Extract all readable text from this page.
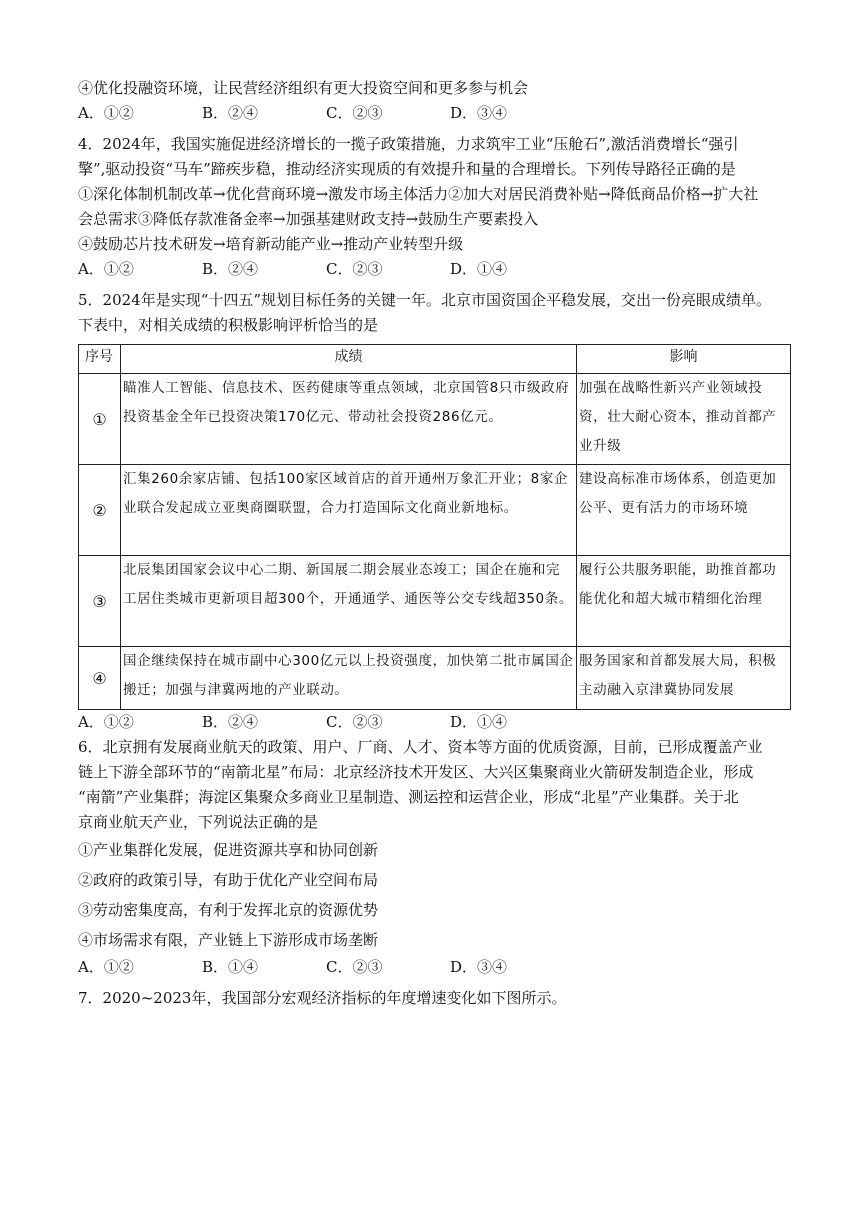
④优化投融资环境，让民营经济组织有更大投资空间和更多参与机会
A．①②	B．②④	C．②③	D．③④
4．2024年，我国实施促进经济增长的一揽子政策措施，力求筑牢工业“压舱石”,激活消费增长“强引
擎”,驱动投资“马车”蹄疾步稳，推动经济实现质的有效提升和量的合理增长。下列传导路径正确的是
①深化体制机制改革→优化营商环境→激发市场主体活力②加大对居民消费补贴→降低商品价格→扩大社
会总需求③降低存款准备金率→加强基建财政支持→鼓励生产要素投入
④鼓励芯片技术研发→培育新动能产业→推动产业转型升级
A．①②	B．②④	C．②③	D．①④
5．2024年是实现“十四五”规划目标任务的关键一年。北京市国资国企平稳发展，交出一份亮眼成绩单。
下表中，对相关成绩的积极影响评析恰当的是
序号	成绩	影响
①	瞄准人工智能、信息技术、医药健康等重点领域，北京国管8只市级政府投资基金全年已投资决策170亿元、带动社会投资286亿元。	加强在战略性新兴产业领域投资，壮大耐心资本，推动首都产业升级
②	汇集260余家店铺、包括100家区域首店的首开通州万象汇开业；8家企业联合发起成立亚奥商圈联盟，合力打造国际文化商业新地标。	建设高标准市场体系，创造更加公平、更有活力的市场环境
③	北辰集团国家会议中心二期、新国展二期会展业态竣工；国企在施和完工居住类城市更新项目超300个，开通通学、通医等公交专线超350条。	履行公共服务职能，助推首都功能优化和超大城市精细化治理
④	国企继续保持在城市副中心300亿元以上投资强度，加快第二批市属国企搬迁；加强与津冀两地的产业联动。	服务国家和首都发展大局，积极主动融入京津冀协同发展
A．①②	B．②④	C．②③	D．①④
6．北京拥有发展商业航天的政策、用户、厂商、人才、资本等方面的优质资源，目前，已形成覆盖产业
链上下游全部环节的“南箭北星”布局：北京经济技术开发区、大兴区集聚商业火箭研发制造企业，形成
“南箭”产业集群；海淀区集聚众多商业卫星制造、测运控和运营企业，形成“北星”产业集群。关于北
京商业航天产业，下列说法正确的是
①产业集群化发展，促进资源共享和协同创新
②政府的政策引导，有助于优化产业空间布局
③劳动密集度高，有利于发挥北京的资源优势
④市场需求有限，产业链上下游形成市场垄断
A．①②	B．①④	C．②③	D．③④
7．2020~2023年，我国部分宏观经济指标的年度增速变化如下图所示。
